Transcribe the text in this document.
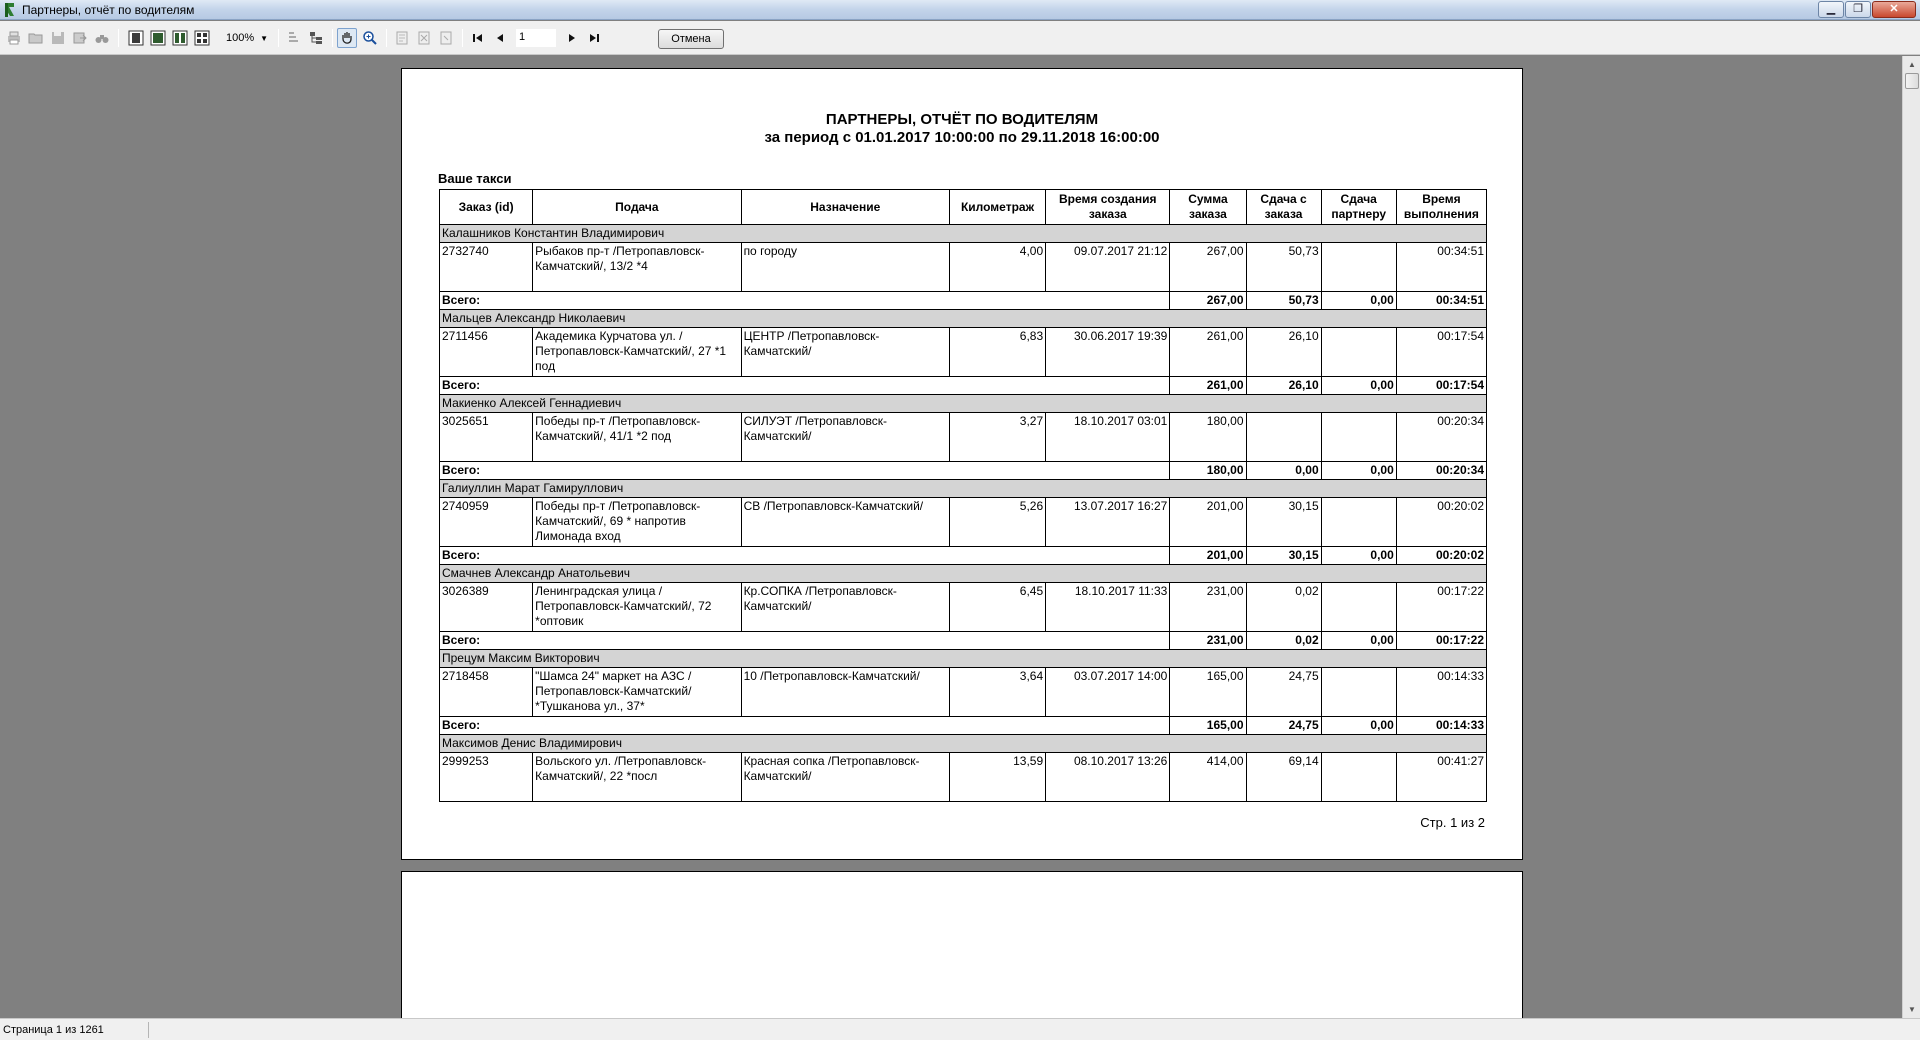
Партнеры, отчёт по водителям	▁ ❐ ✕
100% ▼	1	Отмена
ПАРТНЕРЫ, ОТЧЁТ ПО ВОДИТЕЛЯМ
за период с 01.01.2017 10:00:00 по 29.11.2018 16:00:00
Ваше такси
Заказ (id)	Подача	Назначение	Километраж	Время создания заказа	Сумма заказа	Сдача с заказа	Сдача партнеру	Время выполнения
Калашников Константин Владимирович								
2732740	Рыбаков пр-т /Петропавловск-Камчатский/, 13/2 *4	по городу	4,00	09.07.2017 21:12	267,00	50,73		00:34:51
Всего:					267,00	50,73	0,00	00:34:51
Мальцев Александр Николаевич								
2711456	Академика Курчатова ул. /Петропавловск-Камчатский/, 27 *1 под	ЦЕНТР /Петропавловск-Камчатский/	6,83	30.06.2017 19:39	261,00	26,10		00:17:54
Всего:					261,00	26,10	0,00	00:17:54
Макиенко Алексей Геннадиевич								
3025651	Победы пр-т /Петропавловск-Камчатский/, 41/1 *2 под	СИЛУЭТ /Петропавловск-Камчатский/	3,27	18.10.2017 03:01	180,00			00:20:34
Всего:					180,00	0,00	0,00	00:20:34
Галиуллин Марат Гамируллович								
2740959	Победы пр-т /Петропавловск-Камчатский/, 69 * напротив Лимонада вход	СВ /Петропавловск-Камчатский/	5,26	13.07.2017 16:27	201,00	30,15		00:20:02
Всего:					201,00	30,15	0,00	00:20:02
Смачнев Александр Анатольевич								
3026389	Ленинградская улица /Петропавловск-Камчатский/, 72 *оптовик	Кр.СОПКА /Петропавловск-Камчатский/	6,45	18.10.2017 11:33	231,00	0,02		00:17:22
Всего:					231,00	0,02	0,00	00:17:22
Прецум Максим Викторович								
2718458	"Шамса 24" маркет на АЗС /Петропавловск-Камчатский/ *Тушканова ул., 37*	10 /Петропавловск-Камчатский/	3,64	03.07.2017 14:00	165,00	24,75		00:14:33
Всего:					165,00	24,75	0,00	00:14:33
Максимов Денис Владимирович								
2999253	Вольского ул. /Петропавловск-Камчатский/, 22 *посл	Красная сопка /Петропавловск-Камчатский/	13,59	08.10.2017 13:26	414,00	69,14		00:41:27
Стр. 1 из 2
▲
▼
Страница 1 из 1261
